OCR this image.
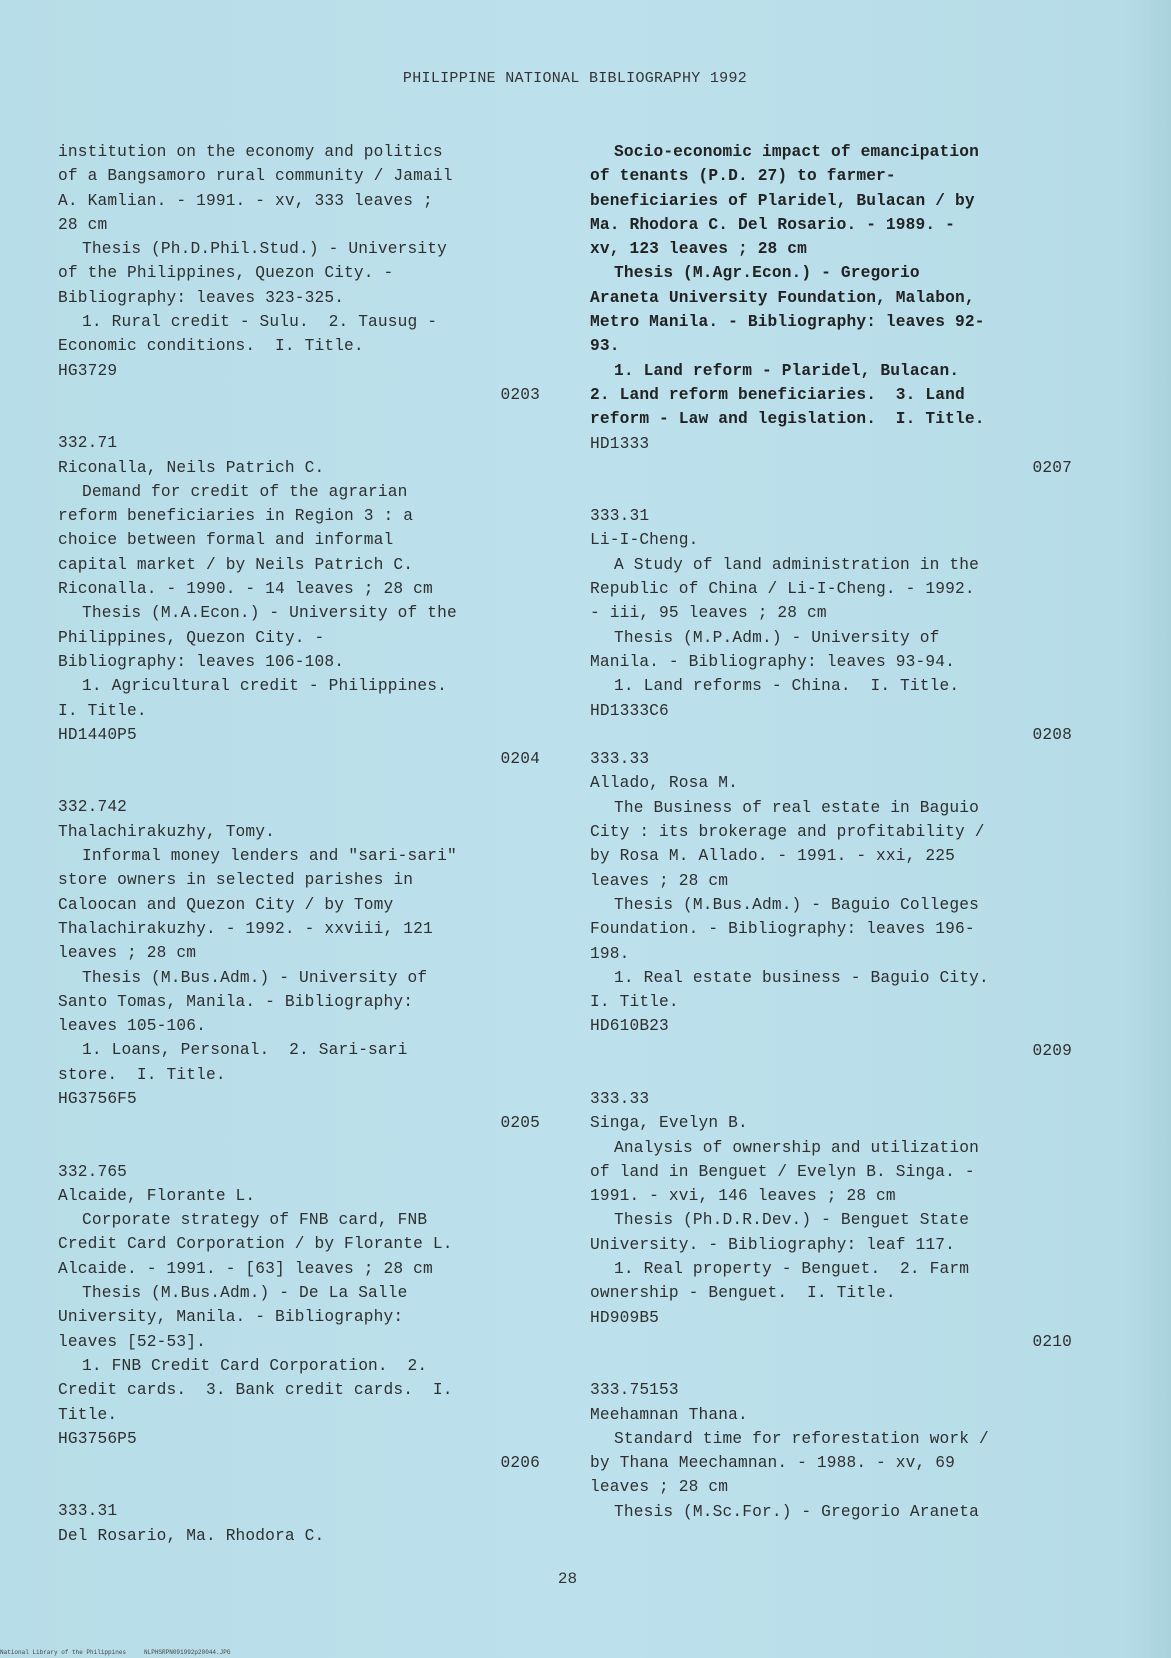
PHILIPPINE NATIONAL BIBLIOGRAPHY 1992
institution on the economy and politics
of a Bangsamoro rural community / Jamail
A. Kamlian. - 1991. - xv, 333 leaves ;
28 cm
Thesis (Ph.D.Phil.Stud.) - University
of the Philippines, Quezon City. -
Bibliography: leaves 323-325.
1. Rural credit - Sulu.  2. Tausug -
Economic conditions.  I. Title.
HG3729
0203
332.71
Riconalla, Neils Patrich C.
Demand for credit of the agrarian
reform beneficiaries in Region 3 : a
choice between formal and informal
capital market / by Neils Patrich C.
Riconalla. - 1990. - 14 leaves ; 28 cm
Thesis (M.A.Econ.) - University of the
Philippines, Quezon City. -
Bibliography: leaves 106-108.
1. Agricultural credit - Philippines.
I. Title.
HD1440P5
0204
332.742
Thalachirakuzhy, Tomy.
Informal money lenders and "sari-sari"
store owners in selected parishes in
Caloocan and Quezon City / by Tomy
Thalachirakuzhy. - 1992. - xxviii, 121
leaves ; 28 cm
Thesis (M.Bus.Adm.) - University of
Santo Tomas, Manila. - Bibliography:
leaves 105-106.
1. Loans, Personal.  2. Sari-sari
store.  I. Title.
HG3756F5
0205
332.765
Alcaide, Florante L.
Corporate strategy of FNB card, FNB
Credit Card Corporation / by Florante L.
Alcaide. - 1991. - [63] leaves ; 28 cm
Thesis (M.Bus.Adm.) - De La Salle
University, Manila. - Bibliography:
leaves [52-53].
1. FNB Credit Card Corporation.  2.
Credit cards.  3. Bank credit cards.  I.
Title.
HG3756P5
0206
333.31
Del Rosario, Ma. Rhodora C.
Socio-economic impact of emancipation
of tenants (P.D. 27) to farmer-
beneficiaries of Plaridel, Bulacan / by
Ma. Rhodora C. Del Rosario. - 1989. -
xv, 123 leaves ; 28 cm
Thesis (M.Agr.Econ.) - Gregorio
Araneta University Foundation, Malabon,
Metro Manila. - Bibliography: leaves 92-
93.
1. Land reform - Plaridel, Bulacan.
2. Land reform beneficiaries.  3. Land
reform - Law and legislation.  I. Title.
HD1333
0207
333.31
Li-I-Cheng.
A Study of land administration in the
Republic of China / Li-I-Cheng. - 1992.
- iii, 95 leaves ; 28 cm
Thesis (M.P.Adm.) - University of
Manila. - Bibliography: leaves 93-94.
1. Land reforms - China.  I. Title.
HD1333C6
0208
333.33
Allado, Rosa M.
The Business of real estate in Baguio
City : its brokerage and profitability /
by Rosa M. Allado. - 1991. - xxi, 225
leaves ; 28 cm
Thesis (M.Bus.Adm.) - Baguio Colleges
Foundation. - Bibliography: leaves 196-
198.
1. Real estate business - Baguio City.
I. Title.
HD610B23
0209
333.33
Singa, Evelyn B.
Analysis of ownership and utilization
of land in Benguet / Evelyn B. Singa. -
1991. - xvi, 146 leaves ; 28 cm
Thesis (Ph.D.R.Dev.) - Benguet State
University. - Bibliography: leaf 117.
1. Real property - Benguet.  2. Farm
ownership - Benguet.  I. Title.
HD909B5
0210
333.75153
Meehamnan Thana.
Standard time for reforestation work /
by Thana Meechamnan. - 1988. - xv, 69
leaves ; 28 cm
Thesis (M.Sc.For.) - Gregorio Araneta
28
National Library of the Philippines     NLPHSRPN091992p20044.JPG
